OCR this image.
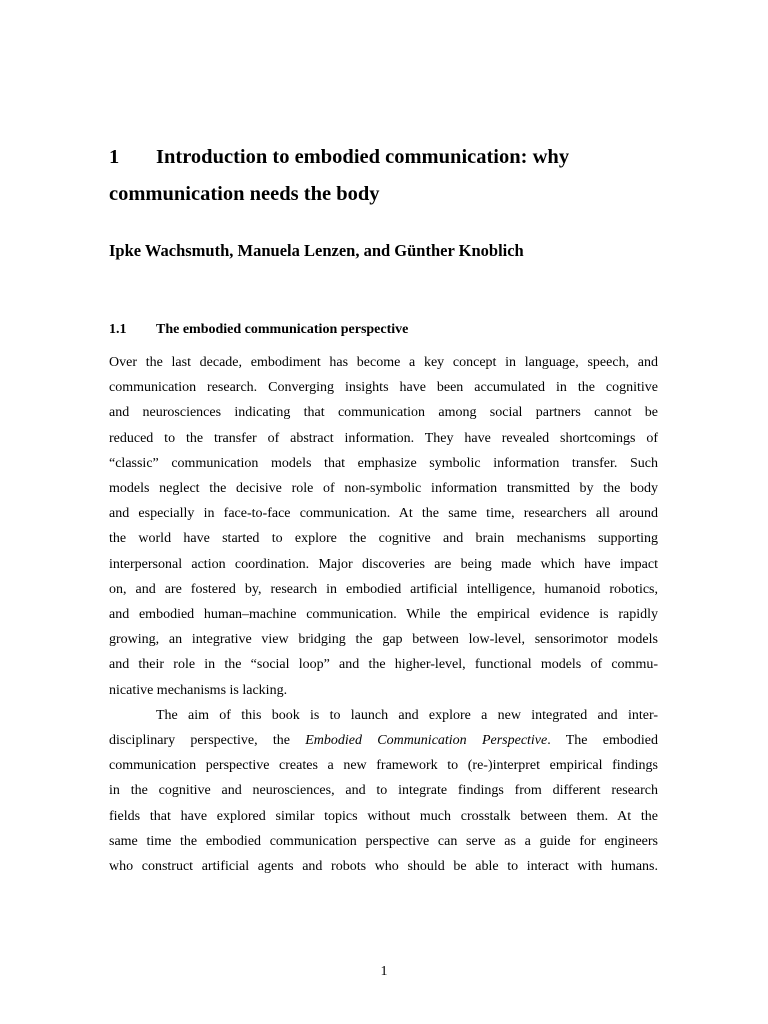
1 Introduction to embodied communication: why
communication needs the body
Ipke Wachsmuth, Manuela Lenzen, and Günther Knoblich
1.1 The embodied communication perspective
Over the last decade, embodiment has become a key concept in language, speech, and
communication research. Converging insights have been accumulated in the cognitive
and neurosciences indicating that communication among social partners cannot be
reduced to the transfer of abstract information. They have revealed shortcomings of
“classic” communication models that emphasize symbolic information transfer. Such
models neglect the decisive role of non-symbolic information transmitted by the body
and especially in face-to-face communication. At the same time, researchers all around
the world have started to explore the cognitive and brain mechanisms supporting
interpersonal action coordination. Major discoveries are being made which have impact
on, and are fostered by, research in embodied artificial intelligence, humanoid robotics,
and embodied human–machine communication. While the empirical evidence is rapidly
growing, an integrative view bridging the gap between low-level, sensorimotor models
and their role in the “social loop” and the higher-level, functional models of commu-
nicative mechanisms is lacking.
The aim of this book is to launch and explore a new integrated and inter-
disciplinary perspective, the Embodied Communication Perspective. The embodied
communication perspective creates a new framework to (re-)interpret empirical findings
in the cognitive and neurosciences, and to integrate findings from different research
fields that have explored similar topics without much crosstalk between them. At the
same time the embodied communication perspective can serve as a guide for engineers
who construct artificial agents and robots who should be able to interact with humans.
1
